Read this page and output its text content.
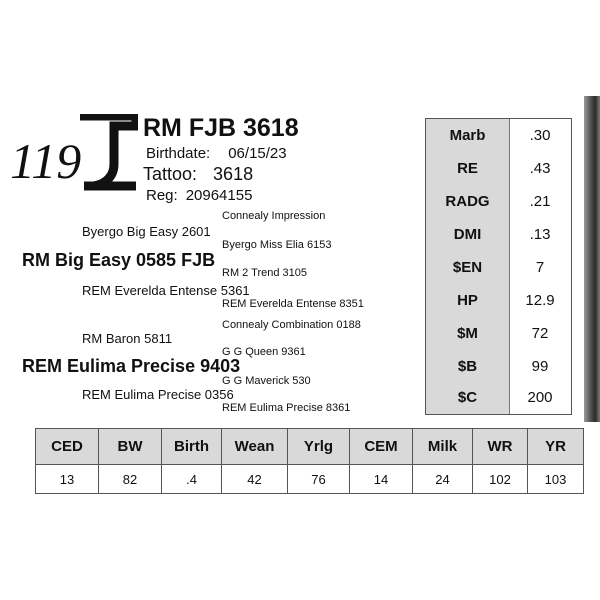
119
RM FJB 3618
Birthdate: 06/15/23
Tattoo: 3618
Reg: 20964155
Connealy Impression
Byergo Big Easy 2601
Byergo Miss Elia 6153
RM Big Easy 0585 FJB
RM 2 Trend 3105
REM Everelda Entense 5361
REM Everelda Entense 8351
Connealy Combination 0188
RM Baron 5811
G G Queen 9361
REM Eulima Precise 9403
G G Maverick 530
REM Eulima Precise 0356
REM Eulima Precise 8361
Marb	.30
RE	.43
RADG	.21
DMI	.13
$EN	7
HP	12.9
$M	72
$B	99
$C	200
CED	BW	Birth	Wean	Yrlg	CEM	Milk	WR	YR
13	82	.4	42	76	14	24	102	103
